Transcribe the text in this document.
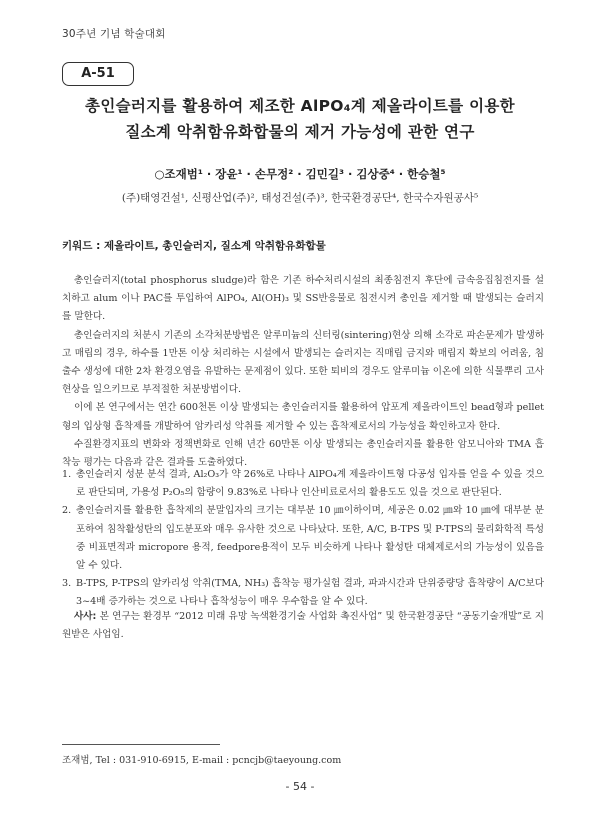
30주년 기념 학술대회
A-51
총인슬러지를 활용하여 제조한 AlPO₄계 제올라이트를 이용한
질소계 악취함유화합물의 제거 가능성에 관한 연구
○조재범¹ · 장윤¹ · 손무정² · 김민길³ · 김상중⁴ · 한승철⁵
(주)태영건설¹, 신평산업(주)², 태성건설(주)³, 한국환경공단⁴, 한국수자원공사⁵
키워드 : 제올라이트, 총인슬러지, 질소계 악취함유화합물

총인슬러지(total phosphorus sludge)라 함은 기존 하수처리시설의 최종침전지 후단에 급속응집침전지를 설치하고 alum 이나 PAC를 투입하여 AlPO₄, Al(OH)₃ 및 SS반응물로 침전시켜 총인을 제거할 때 발생되는 슬러지를 말한다.

총인슬러지의 처분시 기존의 소각처분방법은 알루미늄의 신터링(sintering)현상 의해 소각로 파손문제가 발생하고 매립의 경우, 하수를 1만톤 이상 처리하는 시설에서 발생되는 슬러지는 직매립 금지와 매립지 확보의 어려움, 침출수 생성에 대한 2차 환경오염을 유발하는 문제점이 있다. 또한 퇴비의 경우도 알루미늄 이온에 의한 식물뿌리 고사현상을 일으키므로 부적절한 처분방법이다.

이에 본 연구에서는 연간 600천톤 이상 발생되는 총인슬러지를 활용하여 압포계 제올라이트인 bead형과 pellet형의 입상형 흡착제를 개발하여 암카리성 악취를 제거할 수 있는 흡착제로서의 가능성을 확인하고자 한다.

수질환경지표의 변화와 정책변화로 인해 년간 60만톤 이상 발생되는 총인슬러지를 활용한 암모니아와 TMA 흡착능 평가는 다음과 같은 결과를 도출하였다.

1. 총인슬러지 성분 분석 결과, Al₂O₃가 약 26%로 나타나 AlPO₄계 제올라이트형 다공성 입자를 얻을 수 있을 것으로 판단되며, 가용성 P₂O₅의 함량이 9.83%로 나타나 인산비료로서의 활용도도 있을 것으로 판단된다.
2. 총인슬러지를 활용한 흡착제의 분말입자의 크기는 대부분 10 ㎛이하이며, 세공은 0.02 ㎛와 10 ㎛에 대부분 분포하여 침착활성탄의 입도분포와 매우 유사한 것으로 나타났다. 또한, A/C, B-TPS 및 P-TPS의 물리화학적 특성 중 비표면적과 micropore 용적, feedpore용적이 모두 비슷하게 나타나 활성탄 대체제로서의 가능성이 있음을 알 수 있다.
3. B-TPS, P-TPS의 알카리성 악취(TMA, NH₃) 흡착능 평가실험 결과, 파과시간과 단위중량당 흡착량이 A/C보다 3~4배 증가하는 것으로 나타나 흡착성능이 매우 우수함을 알 수 있다.

사사: 본 연구는 환경부 “2012 미래 유망 녹색환경기술 사업화 촉진사업” 및 한국환경공단 “공동기술개발”로 지원받은 사업임.

조재범, Tel : 031-910-6915, E-mail : pcncjb@taeyoung.com
- 54 -
